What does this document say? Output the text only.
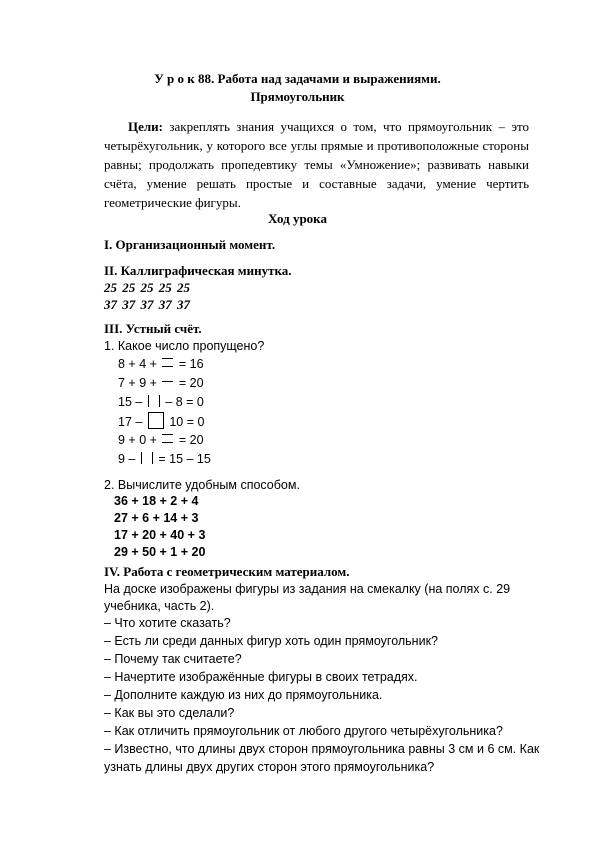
У р о к 88. Работа над задачами и выражениями.
Прямоугольник
Цели: закреплять знания учащихся о том, что прямоугольник – это четырёхугольник, у которого все углы прямые и противоположные стороны равны; продолжать пропедевтику темы «Умножение»; развивать навыки счёта, умение решать простые и составные задачи, умение чертить геометрические фигуры.
Ход урока
I. Организационный момент.
II. Каллиграфическая минутка.
25 25 25 25 25
37 37 37 37 37
III. Устный счёт.
1. Какое число пропущено?
8 + 4 + = 16
7 + 9 + = 20
15 – – 8 = 0
17 – 10 = 0
9 + 0 + = 20
9 – = 15 – 15
2. Вычислите удобным способом.
36 + 18 + 2 + 4
27 + 6 + 14 + 3
17 + 20 + 40 + 3
29 + 50 + 1 + 20
IV. Работа с геометрическим материалом.
На доске изображены фигуры из задания на смекалку (на полях с. 29
учебника, часть 2).
– Что хотите сказать?
– Есть ли среди данных фигур хоть один прямоугольник?
– Почему так считаете?
– Начертите изображённые фигуры в своих тетрадях.
– Дополните каждую из них до прямоугольника.
– Как вы это сделали?
– Как отличить прямоугольник от любого другого четырёхугольника?
– Известно, что длины двух сторон прямоугольника равны 3 см и 6 см. Как
узнать длины двух других сторон этого прямоугольника?
